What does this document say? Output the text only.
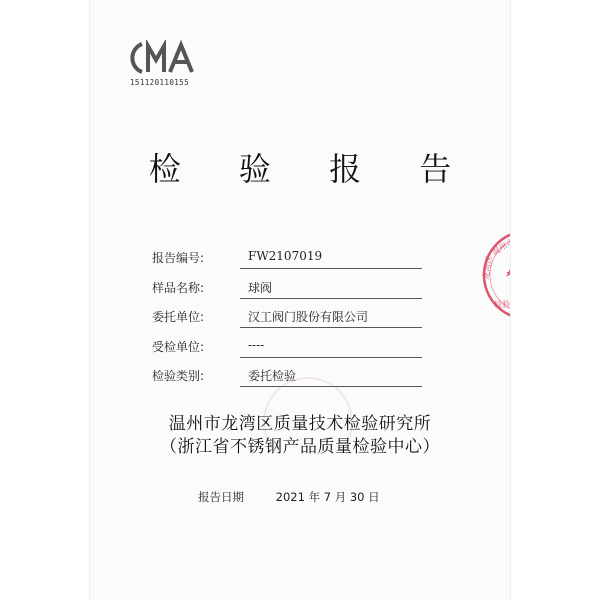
151120110155
检 验 报 告
报告编号:	FW2107019
样品名称:	球阀
委托单位:	汉工阀门股份有限公司
受检单位:	----
检验类别:	委托检验
温州市龙湾区质量技术检验研究所
（浙江省不锈钢产品质量检验中心）
报告日期	2021 年 7 月 30 日
温州市
龙湾区
检验
